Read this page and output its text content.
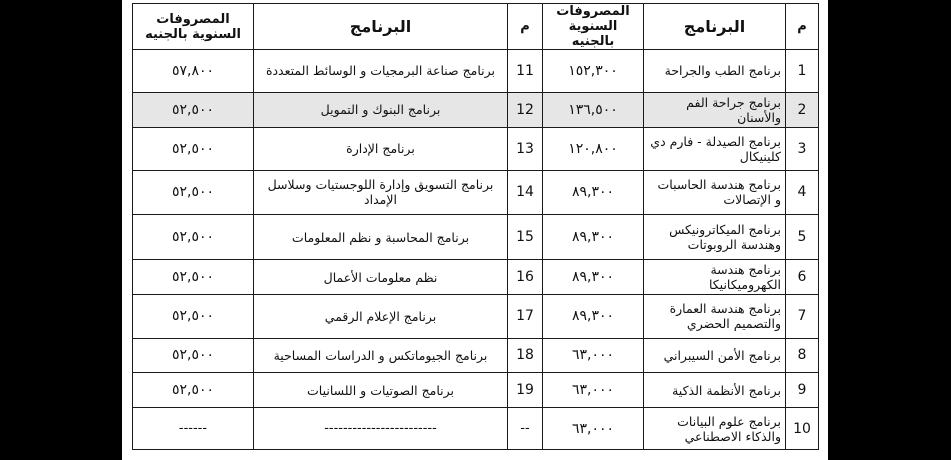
م	البرنامج	المصروفات السنوية بالجنيه	م	البرنامج	المصروفات السنوية بالجنيه
1	برنامج الطب والجراحة	١٥٢,٣٠٠	11	برنامج صناعة البرمجيات و الوسائط المتعددة	٥٧,٨٠٠
2	برنامج جراحة الفم والأسنان	١٣٦,٥٠٠	12	برنامج البنوك و التمويل	٥٢,٥٠٠
3	برنامج الصيدلة - فارم دي كلينيكال	١٢٠,٨٠٠	13	برنامج الإدارة	٥٢,٥٠٠
4	برنامج هندسة الحاسبات و الإتصالات	٨٩,٣٠٠	14	برنامج التسويق وإدارة اللوجستيات وسلاسل الإمداد	٥٢,٥٠٠
5	برنامج الميكاترونيكس وهندسة الروبوتات	٨٩,٣٠٠	15	برنامج المحاسبة و نظم المعلومات	٥٢,٥٠٠
6	برنامج هندسة الكهروميكانيكا	٨٩,٣٠٠	16	نظم معلومات الأعمال	٥٢,٥٠٠
7	برنامج هندسة العمارة والتصميم الحضري	٨٩,٣٠٠	17	برنامج الإعلام الرقمي	٥٢,٥٠٠
8	برنامج الأمن السيبراني	٦٣,٠٠٠	18	برنامج الجيوماتكس و الدراسات المساحية	٥٢,٥٠٠
9	برنامج الأنظمة الذكية	٦٣,٠٠٠	19	برنامج الصوتيات و اللسانيات	٥٢,٥٠٠
10	برنامج علوم البيانات والذكاء الاصطناعي	٦٣,٠٠٠	--	------------------------	------
